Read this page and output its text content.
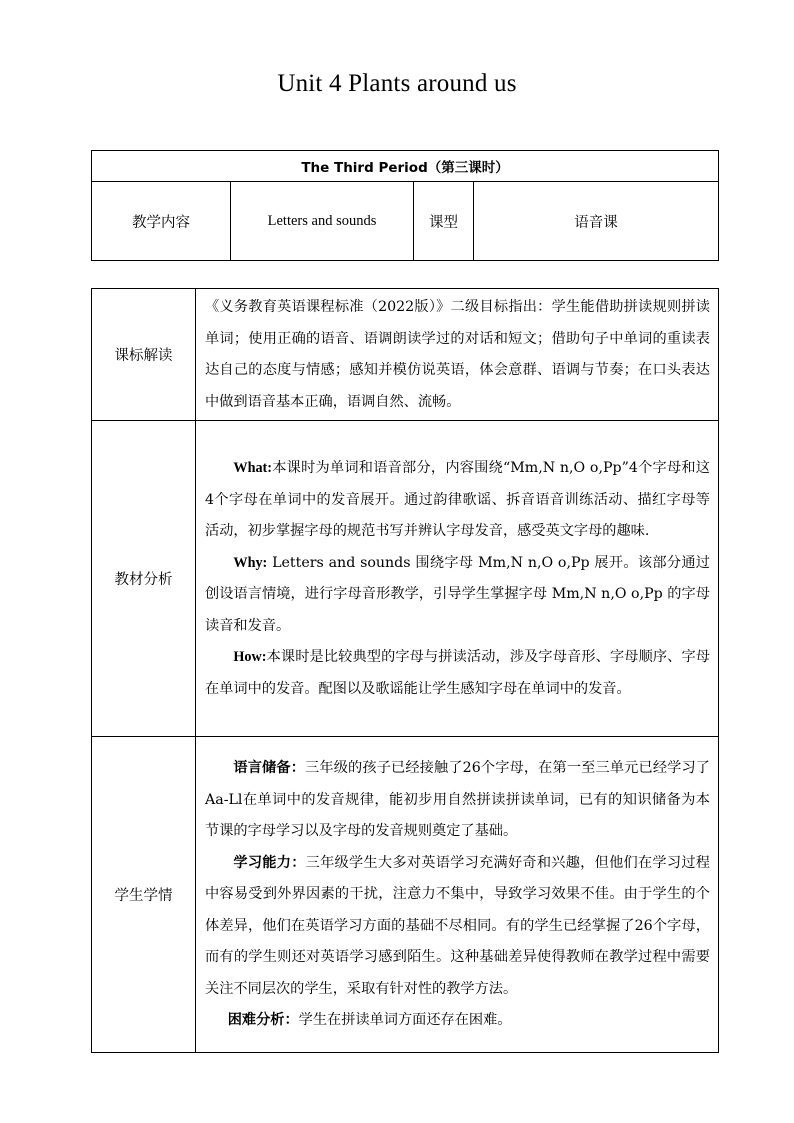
Unit 4 Plants around us
The Third Period（第三课时）
教学内容	Letters and sounds	课型	语音课
课标解读	《义务教育英语课程标准（2022版）》二级目标指出：学生能借助拼读规则拼读单词；使用正确的语音、语调朗读学过的对话和短文；借助句子中单词的重读表达自己的态度与情感；感知并模仿说英语，体会意群、语调与节奏；在口头表达中做到语音基本正确，语调自然、流畅。

教材分析	What:本课时为单词和语音部分，内容围绕“Mm,N n,O o,Pp”4个字母和这4个字母在单词中的发音展开。通过韵律歌谣、拆音语音训练活动、描红字母等活动，初步掌握字母的规范书写并辨认字母发音，感受英文字母的趣味.

Why: Letters and sounds 围绕字母 Mm,N n,O o,Pp 展开。该部分通过创设语言情境，进行字母音形教学，引导学生掌握字母 Mm,N n,O o,Pp 的字母读音和发音。

How:本课时是比较典型的字母与拼读活动，涉及字母音形、字母顺序、字母在单词中的发音。配图以及歌谣能让学生感知字母在单词中的发音。

学生学情	语言储备：三年级的孩子已经接触了26个字母，在第一至三单元已经学习了Aa-Ll在单词中的发音规律，能初步用自然拼读拼读单词，已有的知识储备为本节课的字母学习以及字母的发音规则奠定了基础。

学习能力：三年级学生大多对英语学习充满好奇和兴趣，但他们在学习过程中容易受到外界因素的干扰，注意力不集中，导致学习效果不佳。由于学生的个体差异，他们在英语学习方面的基础不尽相同。有的学生已经掌握了26个字母，而有的学生则还对英语学习感到陌生。这种基础差异使得教师在教学过程中需要关注不同层次的学生，采取有针对性的教学方法。

困难分析：学生在拼读单词方面还存在困难。
